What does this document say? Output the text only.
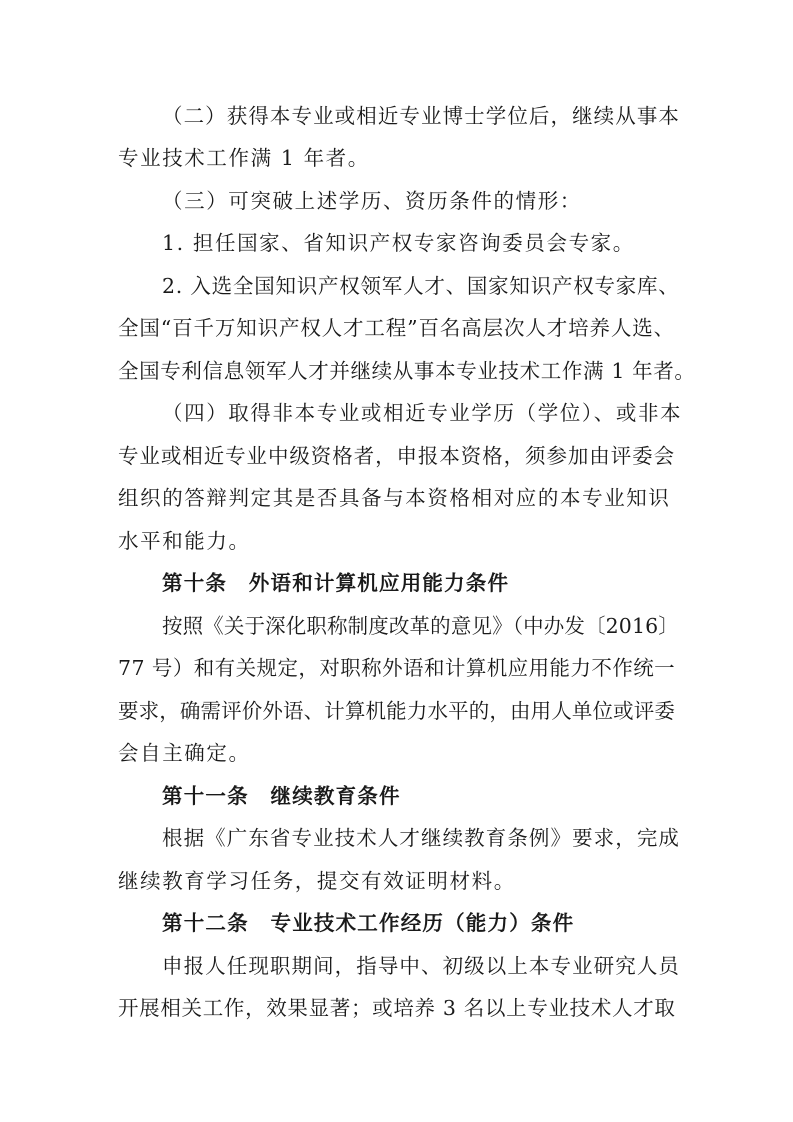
（二）获得本专业或相近专业博士学位后，继续从事本
专业技术工作满 1 年者。
（三）可突破上述学历、资历条件的情形：
1. 担任国家、省知识产权专家咨询委员会专家。
2. 入选全国知识产权领军人才、国家知识产权专家库、
全国“百千万知识产权人才工程”百名高层次人才培养人选、
全国专利信息领军人才并继续从事本专业技术工作满 1 年者。
（四）取得非本专业或相近专业学历（学位）、或非本
专业或相近专业中级资格者，申报本资格，须参加由评委会
组织的答辩判定其是否具备与本资格相对应的本专业知识
水平和能力。
第十条　外语和计算机应用能力条件
按照《关于深化职称制度改革的意见》（中办发〔2016〕
77 号）和有关规定，对职称外语和计算机应用能力不作统一
要求，确需评价外语、计算机能力水平的，由用人单位或评委
会自主确定。
第十一条　继续教育条件
根据《广东省专业技术人才继续教育条例》要求，完成
继续教育学习任务，提交有效证明材料。
第十二条　专业技术工作经历（能力）条件
申报人任现职期间，指导中、初级以上本专业研究人员
开展相关工作，效果显著；或培养 3 名以上专业技术人才取
